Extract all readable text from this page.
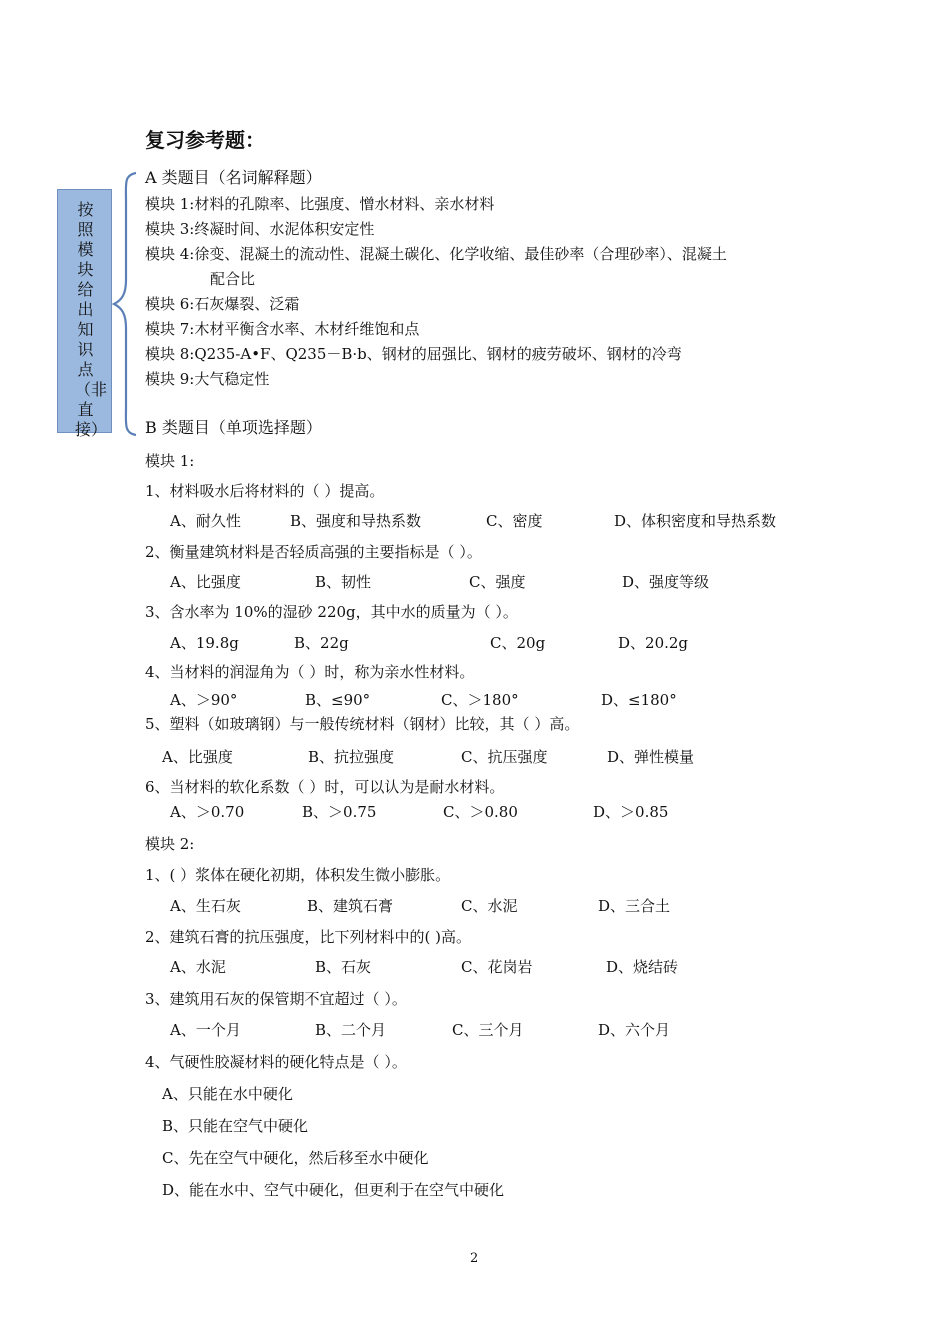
复习参考题：
按照模块给出知识点（非直接）
A 类题目（名词解释题）
模块 1:材料的孔隙率、比强度、憎水材料、亲水材料
模块 3:终凝时间、水泥体积安定性
模块 4:徐变、混凝土的流动性、混凝土碳化、化学收缩、最佳砂率（合理砂率）、混凝土
配合比
模块 6:石灰爆裂、泛霜
模块 7:木材平衡含水率、木材纤维饱和点
模块 8:Q235-A•F、Q235－B·b、钢材的屈强比、钢材的疲劳破坏、钢材的冷弯
模块 9:大气稳定性
B 类题目（单项选择题）
模块 1:
1、材料吸水后将材料的（ ）提高。
A、耐久性	B、强度和导热系数	C、密度	D、体积密度和导热系数
2、衡量建筑材料是否轻质高强的主要指标是（ ）。
A、比强度	B、韧性	C、强度	D、强度等级
3、含水率为 10%的湿砂 220g，其中水的质量为（ ）。
A、19.8g	B、22g	C、20g	D、20.2g
4、当材料的润湿角为（ ）时，称为亲水性材料。
A、＞90°	B、≤90°	C、＞180°	D、≤180°
5、塑料（如玻璃钢）与一般传统材料（钢材）比较，其（ ）高。
A、比强度	B、抗拉强度	C、抗压强度	D、弹性模量
6、当材料的软化系数（ ）时，可以认为是耐水材料。
A、＞0.70	B、＞0.75	C、＞0.80	D、＞0.85
模块 2:
1、( ）浆体在硬化初期，体积发生微小膨胀。
A、生石灰	B、建筑石膏	C、水泥	D、三合土
2、建筑石膏的抗压强度，比下列材料中的( )高。
A、水泥	B、石灰	C、花岗岩	D、烧结砖
3、建筑用石灰的保管期不宜超过（ ）。
A、一个月	B、二个月	C、三个月	D、六个月
4、气硬性胶凝材料的硬化特点是（ ）。
A、只能在水中硬化
B、只能在空气中硬化
C、先在空气中硬化，然后移至水中硬化
D、能在水中、空气中硬化，但更利于在空气中硬化
2
